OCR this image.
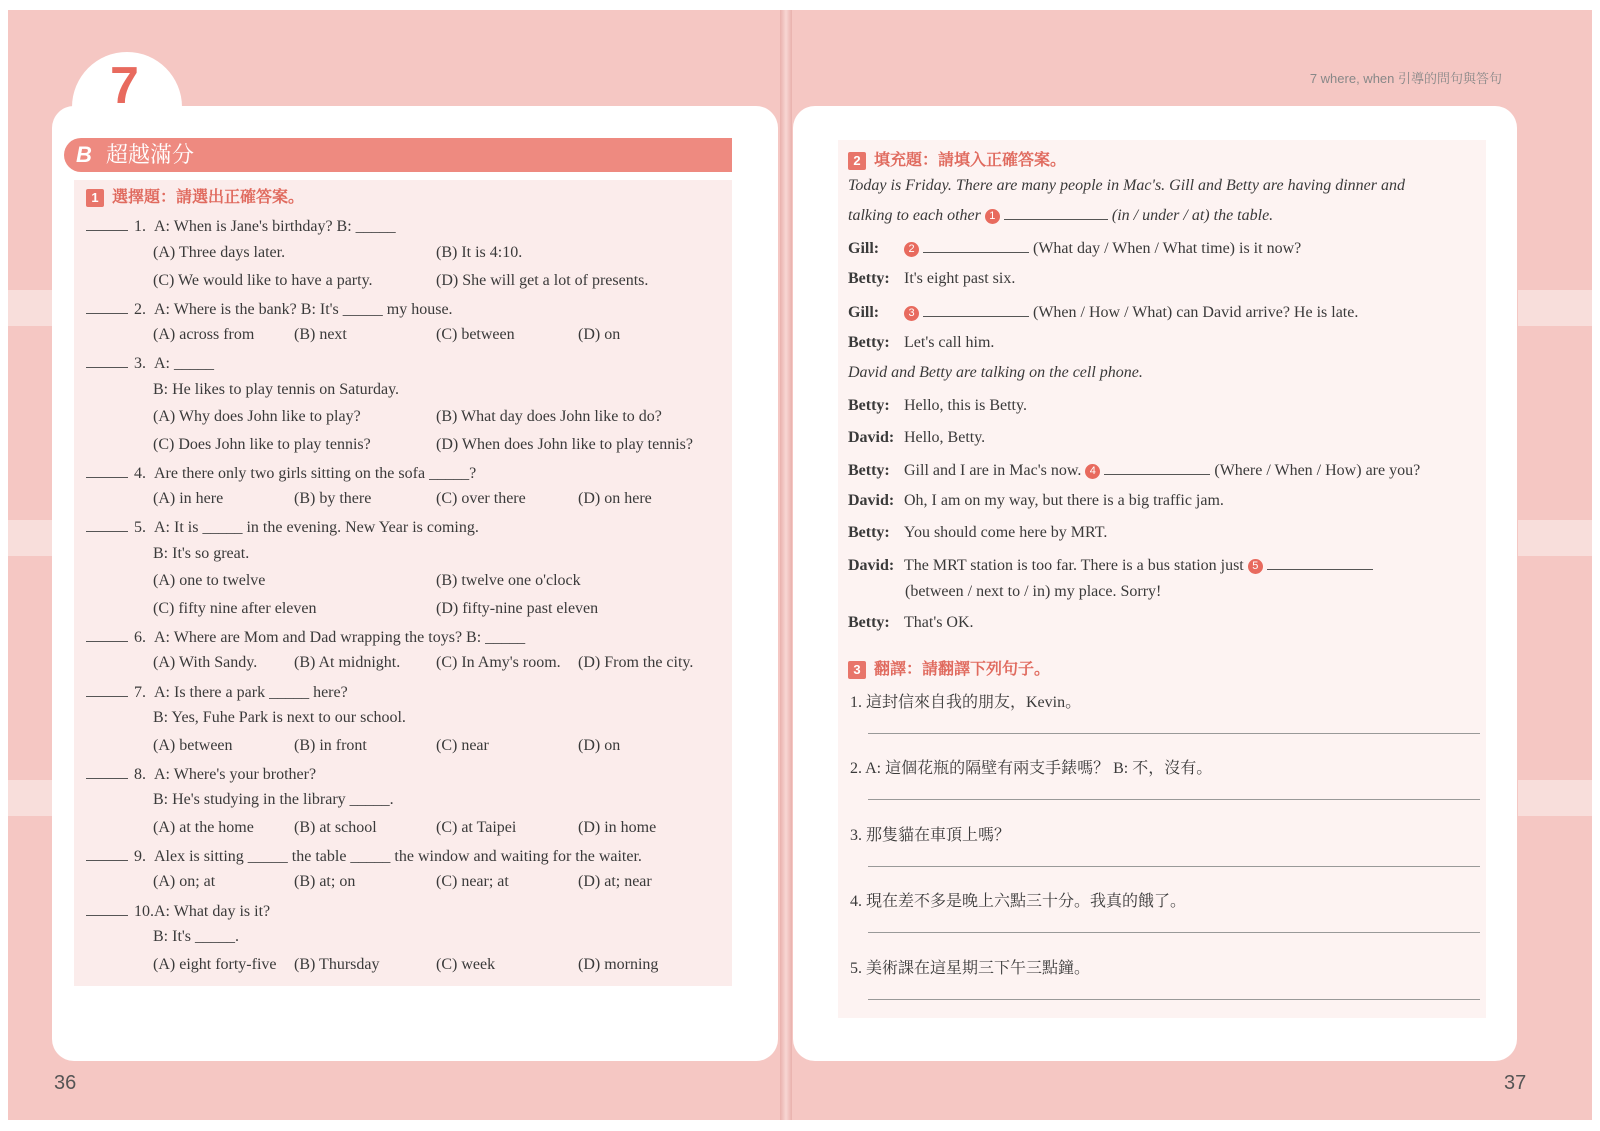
7	7 where, when 引導的問句與答句
36	37
B 超越滿分
1 選擇題：請選出正確答案。
1. A: When is Jane's birthday? B: _____
(A) Three days later.	(B) It is 4:10.
(C) We would like to have a party.	(D) She will get a lot of presents.
2. A: Where is the bank? B: It's _____ my house.
(A) across from (B) next	(C) between	(D) on
3. A: _____
B: He likes to play tennis on Saturday.
(A) Why does John like to play?	(B) What day does John like to do?
(C) Does John like to play tennis?	(D) When does John like to play tennis?
4. Are there only two girls sitting on the sofa _____?
(A) in here	(B) by there	(C) over there	(D) on here
5. A: It is _____ in the evening. New Year is coming.
B: It's so great.
(A) one to twelve	(B) twelve one o'clock
(C) fifty nine after eleven	(D) fifty-nine past eleven
6. A: Where are Mom and Dad wrapping the toys? B: _____
(A) With Sandy. (B) At midnight. (C) In Amy's room. (D) From the city.
7. A: Is there a park _____ here?
B: Yes, Fuhe Park is next to our school.
(A) between	(B) in front	(C) near	(D) on
8. A: Where's your brother?
B: He's studying in the library _____.
(A) at the home	(B) at school	(C) at Taipei	(D) in home
9. Alex is sitting _____ the table _____ the window and waiting for the waiter.
(A) on; at	(B) at; on	(C) near; at	(D) at; near
10.A: What day is it?
B: It's _____.
(A) eight forty-five (B) Thursday	(C) week	(D) morning
2 填充題：請填入正確答案。
Today is Friday. There are many people in Mac's. Gill and Betty are having dinner and
talking to each other 1	(in / under / at) the table.
Gill:	2	(What day / When / What time) is it now?
Betty: It's eight past six.
Gill:	3	(When / How / What) can David arrive? He is late.
Betty: Let's call him.
David and Betty are talking on the cell phone.
Betty: Hello, this is Betty.
David: Hello, Betty.
Betty: Gill and I are in Mac's now. 4	(Where / When / How) are you?
David: Oh, I am on my way, but there is a big traffic jam.
Betty: You should come here by MRT.
David: The MRT station is too far. There is a bus station just 5
(between / next to / in) my place. Sorry!
Betty: That's OK.
3 翻譯：請翻譯下列句子。
1. 這封信來自我的朋友，Kevin。
2. A: 這個花瓶的隔壁有兩支手錶嗎？ B: 不，沒有。
3. 那隻貓在車頂上嗎？
4. 現在差不多是晚上六點三十分。我真的餓了。
5. 美術課在這星期三下午三點鐘。
